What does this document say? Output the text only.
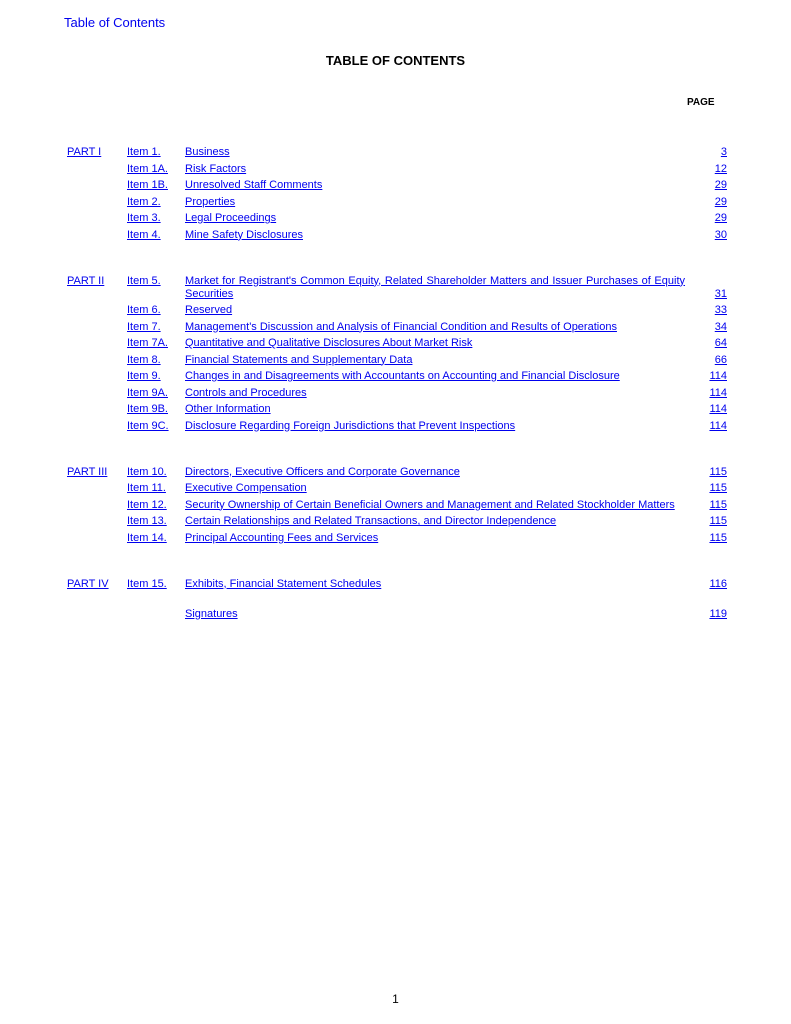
Table of Contents
TABLE OF CONTENTS
PAGE
PART I	Item 1.	Business	3
Item 1A.	Risk Factors	12
Item 1B.	Unresolved Staff Comments	29
Item 2.	Properties	29
Item 3.	Legal Proceedings	29
Item 4.	Mine Safety Disclosures	30
PART II	Item 5.	Market for Registrant's Common Equity, Related Shareholder Matters and Issuer Purchases of Equity Securities	31
Item 6.	Reserved	33
Item 7.	Management's Discussion and Analysis of Financial Condition and Results of Operations	34
Item 7A.	Quantitative and Qualitative Disclosures About Market Risk	64
Item 8.	Financial Statements and Supplementary Data	66
Item 9.	Changes in and Disagreements with Accountants on Accounting and Financial Disclosure	114
Item 9A.	Controls and Procedures	114
Item 9B.	Other Information	114
Item 9C.	Disclosure Regarding Foreign Jurisdictions that Prevent Inspections	114
PART III	Item 10.	Directors, Executive Officers and Corporate Governance	115
Item 11.	Executive Compensation	115
Item 12.	Security Ownership of Certain Beneficial Owners and Management and Related Stockholder Matters	115
Item 13.	Certain Relationships and Related Transactions, and Director Independence	115
Item 14.	Principal Accounting Fees and Services	115
PART IV	Item 15.	Exhibits, Financial Statement Schedules	116
Signatures	119
1
